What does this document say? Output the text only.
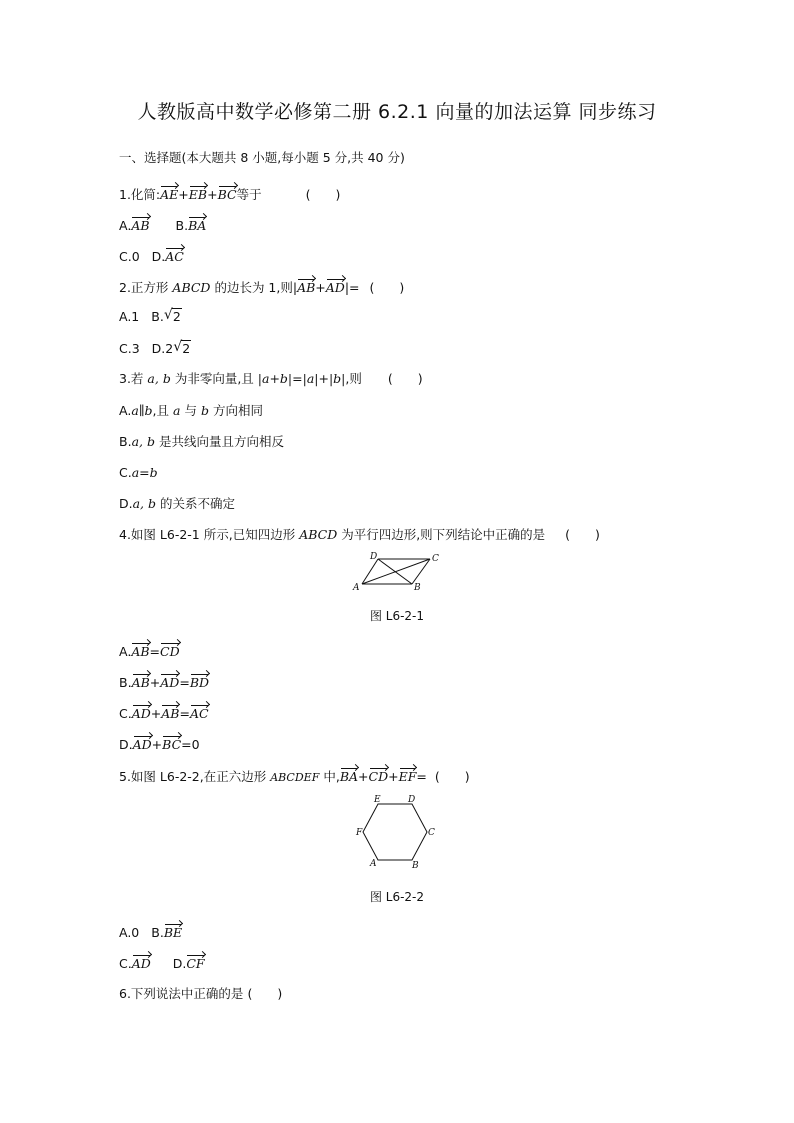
人教版高中数学必修第二册 6.2.1 向量的加法运算 同步练习
一、选择题(本大题共 8 小题,每小题 5 分,共 40 分)
1.化简:AE+EB+BC等于	(　　)
A.AB B.BA
C.0 D.AC
2.正方形 ABCD 的边长为 1,则|AB+AD|= (　　)
A.1 B. √ 2
C.3 D.2 √ 2
3.若 a, b 为非零向量,且 |a+b|=|a|+|b|,则 (　　)
A.a∥b,且 a 与 b 方向相同
B.a, b 是共线向量且方向相反
C.a=b
D.a, b 的关系不确定
4.如图 L6-2-1 所示,已知四边形 ABCD 为平行四边形,则下列结论中正确的是 (　　)
A	B
C
D
图 L6-2-1
A.AB=CD
B.AB+AD=BD
C.AD+AB=AC
D.AD+BC=0
5.如图 L6-2-2,在正六边形 ABCDEF 中,BA+CD+EF= (　　)
A	B
C
D
E
F
图 L6-2-2
A.0 B.BE
C.AD D.CF
6.下列说法中正确的是 (　　)
